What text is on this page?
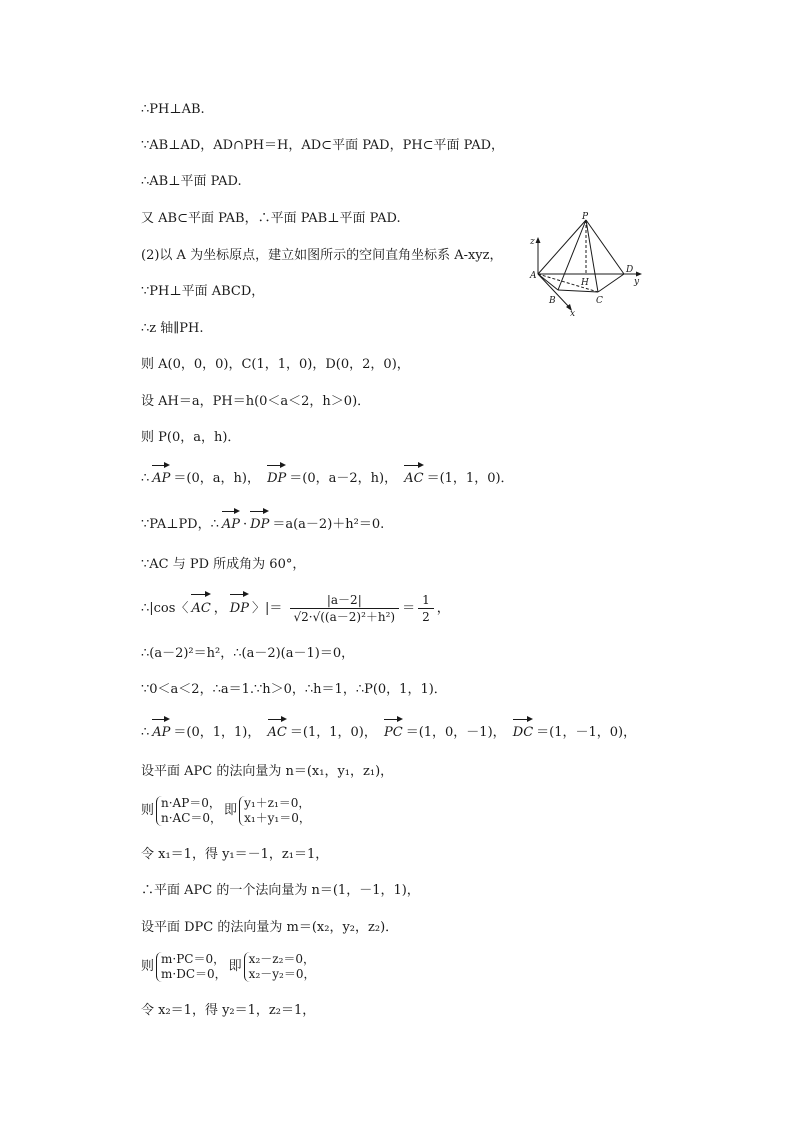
∴PH⊥AB.
∵AB⊥AD，AD∩PH＝H，AD⊂平面 PAD，PH⊂平面 PAD，
∴AB⊥平面 PAD.
又 AB⊂平面 PAB，∴平面 PAB⊥平面 PAD.
(2)以 A 为坐标原点，建立如图所示的空间直角坐标系 A-xyz，
∵PH⊥平面 ABCD，
∴z 轴∥PH.
则 A(0，0，0)，C(1，1，0)，D(0，2，0)，
设 AH＝a，PH＝h(0＜a＜2，h＞0)．
则 P(0，a，h)．
∴ AP ＝(0，a，h)， DP ＝(0，a－2，h)， AC ＝(1，1，0)．
∵PA⊥PD，∴ AP · DP ＝a(a－2)＋h²＝0.
∵AC 与 PD 所成角为 60°，
∴|cos〈 AC ， DP 〉|＝ $\frac{|a-2|}{\text{√2·√((a－2)²＋h²)}} = \frac{1}{2}$ ，
∴(a－2)²＝h²，∴(a－2)(a－1)＝0，
∵0＜a＜2，∴a＝1.∵h＞0，∴h＝1，∴P(0，1，1)．
∴ AP ＝(0，1，1)， AC ＝(1，1，0)， PC ＝(1，0，－1)， DC ＝(1，－1，0)，
设平面 APC 的法向量为 n＝(x₁，y₁，z₁)，
则
n·AP＝0，
n·AC＝0， 即
y₁＋z₁＝0，
x₁＋y₁＝0，
令 x₁＝1，得 y₁＝－1，z₁＝1，
∴平面 APC 的一个法向量为 n＝(1，－1，1)，
设平面 DPC 的法向量为 m＝(x₂，y₂，z₂)．
则
m·PC＝0，
m·DC＝0， 即
x₂－z₂＝0，
x₂－y₂＝0，
令 x₂＝1，得 y₂＝1，z₂＝1，
P
z
A
D
y
H
B	C
x
